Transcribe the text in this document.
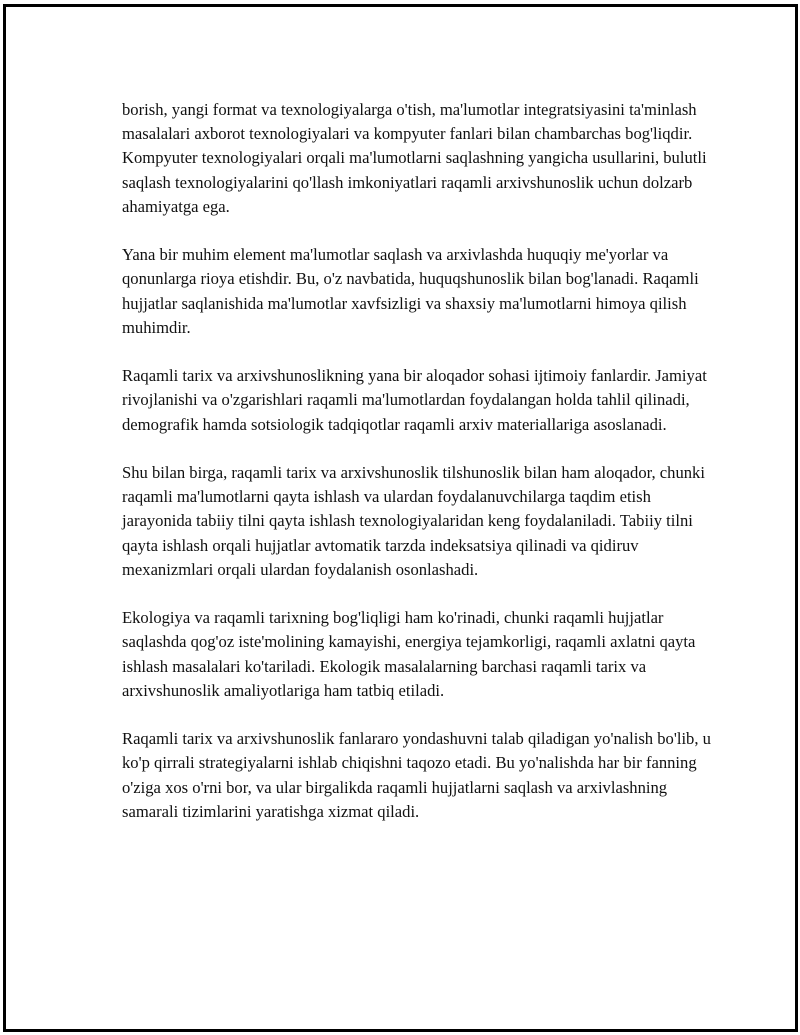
borish, yangi format va texnologiyalarga o'tish, ma'lumotlar integratsiyasini ta'minlash masalalari axborot texnologiyalari va kompyuter fanlari bilan chambarchas bog'liqdir. Kompyuter texnologiyalari orqali ma'lumotlarni saqlashning yangicha usullarini, bulutli saqlash texnologiyalarini qo'llash imkoniyatlari raqamli arxivshunoslik uchun dolzarb ahamiyatga ega.

Yana bir muhim element ma'lumotlar saqlash va arxivlashda huquqiy me'yorlar va qonunlarga rioya etishdir. Bu, o'z navbatida, huquqshunoslik bilan bog'lanadi. Raqamli hujjatlar saqlanishida ma'lumotlar xavfsizligi va shaxsiy ma'lumotlarni himoya qilish muhimdir.

Raqamli tarix va arxivshunoslikning yana bir aloqador sohasi ijtimoiy fanlardir. Jamiyat rivojlanishi va o'zgarishlari raqamli ma'lumotlardan foydalangan holda tahlil qilinadi, demografik hamda sotsiologik tadqiqotlar raqamli arxiv materiallariga asoslanadi.

Shu bilan birga, raqamli tarix va arxivshunoslik tilshunoslik bilan ham aloqador, chunki raqamli ma'lumotlarni qayta ishlash va ulardan foydalanuvchilarga taqdim etish jarayonida tabiiy tilni qayta ishlash texnologiyalaridan keng foydalaniladi. Tabiiy tilni qayta ishlash orqali hujjatlar avtomatik tarzda indeksatsiya qilinadi va qidiruv mexanizmlari orqali ulardan foydalanish osonlashadi.

Ekologiya va raqamli tarixning bog'liqligi ham ko'rinadi, chunki raqamli hujjatlar saqlashda qog'oz iste'molining kamayishi, energiya tejamkorligi, raqamli axlatni qayta ishlash masalalari ko'tariladi. Ekologik masalalarning barchasi raqamli tarix va arxivshunoslik amaliyotlariga ham tatbiq etiladi.

Raqamli tarix va arxivshunoslik fanlararo yondashuvni talab qiladigan yo'nalish bo'lib, u ko'p qirrali strategiyalarni ishlab chiqishni taqozo etadi. Bu yo'nalishda har bir fanning o'ziga xos o'rni bor, va ular birgalikda raqamli hujjatlarni saqlash va arxivlashning samarali tizimlarini yaratishga xizmat qiladi.
